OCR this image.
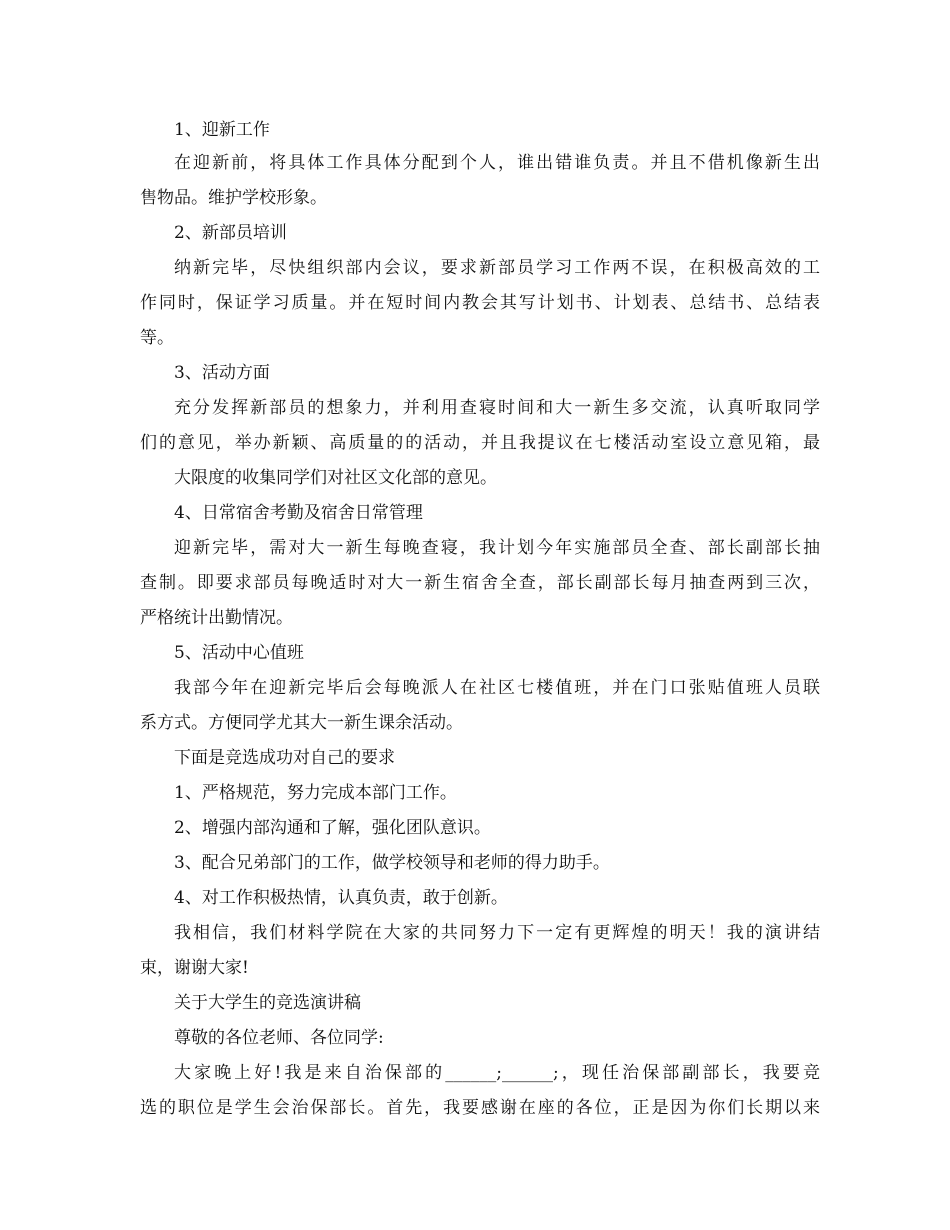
1、迎新工作
在迎新前，将具体工作具体分配到个人，谁出错谁负责。并且不借机像新生出
售物品。维护学校形象。
2、新部员培训
纳新完毕，尽快组织部内会议，要求新部员学习工作两不误，在积极高效的工
作同时，保证学习质量。并在短时间内教会其写计划书、计划表、总结书、总结表
等。
3、活动方面
充分发挥新部员的想象力，并利用查寝时间和大一新生多交流，认真听取同学
们的意见，举办新颖、高质量的的活动，并且我提议在七楼活动室设立意见箱，最
大限度的收集同学们对社区文化部的意见。
4、日常宿舍考勤及宿舍日常管理
迎新完毕，需对大一新生每晚查寝，我计划今年实施部员全查、部长副部长抽
查制。即要求部员每晚适时对大一新生宿舍全查，部长副部长每月抽查两到三次，
严格统计出勤情况。
5、活动中心值班
我部今年在迎新完毕后会每晚派人在社区七楼值班，并在门口张贴值班人员联
系方式。方便同学尤其大一新生课余活动。
下面是竞选成功对自己的要求
1、严格规范，努力完成本部门工作。
2、增强内部沟通和了解，强化团队意识。
3、配合兄弟部门的工作，做学校领导和老师的得力助手。
4、对工作积极热情，认真负责，敢于创新。
我相信，我们材料学院在大家的共同努力下一定有更辉煌的明天！我的演讲结
束，谢谢大家!
关于大学生的竞选演讲稿
尊敬的各位老师、各位同学:
大家晚上好!我是来自治保部的______;______;，现任治保部副部长，我要竞
选的职位是学生会治保部长。首先，我要感谢在座的各位，正是因为你们长期以来
